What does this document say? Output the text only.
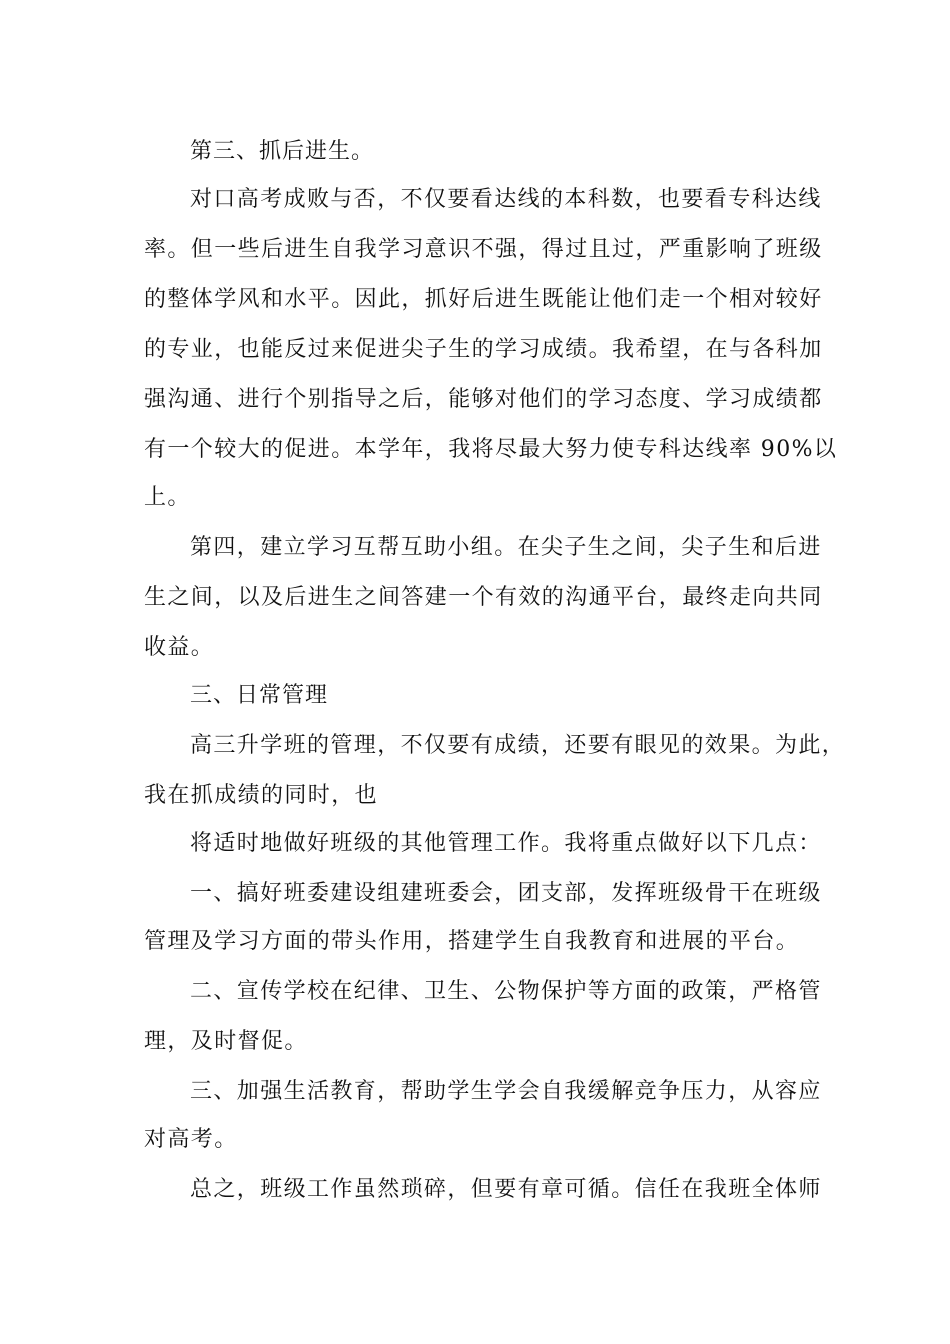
第三、抓后进生。
对口高考成败与否，不仅要看达线的本科数，也要看专科达线
率。但一些后进生自我学习意识不强，得过且过，严重影响了班级
的整体学风和水平。因此，抓好后进生既能让他们走一个相对较好
的专业，也能反过来促进尖子生的学习成绩。我希望，在与各科加
强沟通、进行个别指导之后，能够对他们的学习态度、学习成绩都
有一个较大的促进。本学年，我将尽最大努力使专科达线率 90%以
上。
第四，建立学习互帮互助小组。在尖子生之间，尖子生和后进
生之间，以及后进生之间答建一个有效的沟通平台，最终走向共同
收益。
三、日常管理
高三升学班的管理，不仅要有成绩，还要有眼见的效果。为此，
我在抓成绩的同时，也
将适时地做好班级的其他管理工作。我将重点做好以下几点：
一、搞好班委建设组建班委会，团支部，发挥班级骨干在班级
管理及学习方面的带头作用，搭建学生自我教育和进展的平台。
二、宣传学校在纪律、卫生、公物保护等方面的政策，严格管
理，及时督促。
三、加强生活教育，帮助学生学会自我缓解竞争压力，从容应
对高考。
总之，班级工作虽然琐碎，但要有章可循。信任在我班全体师
